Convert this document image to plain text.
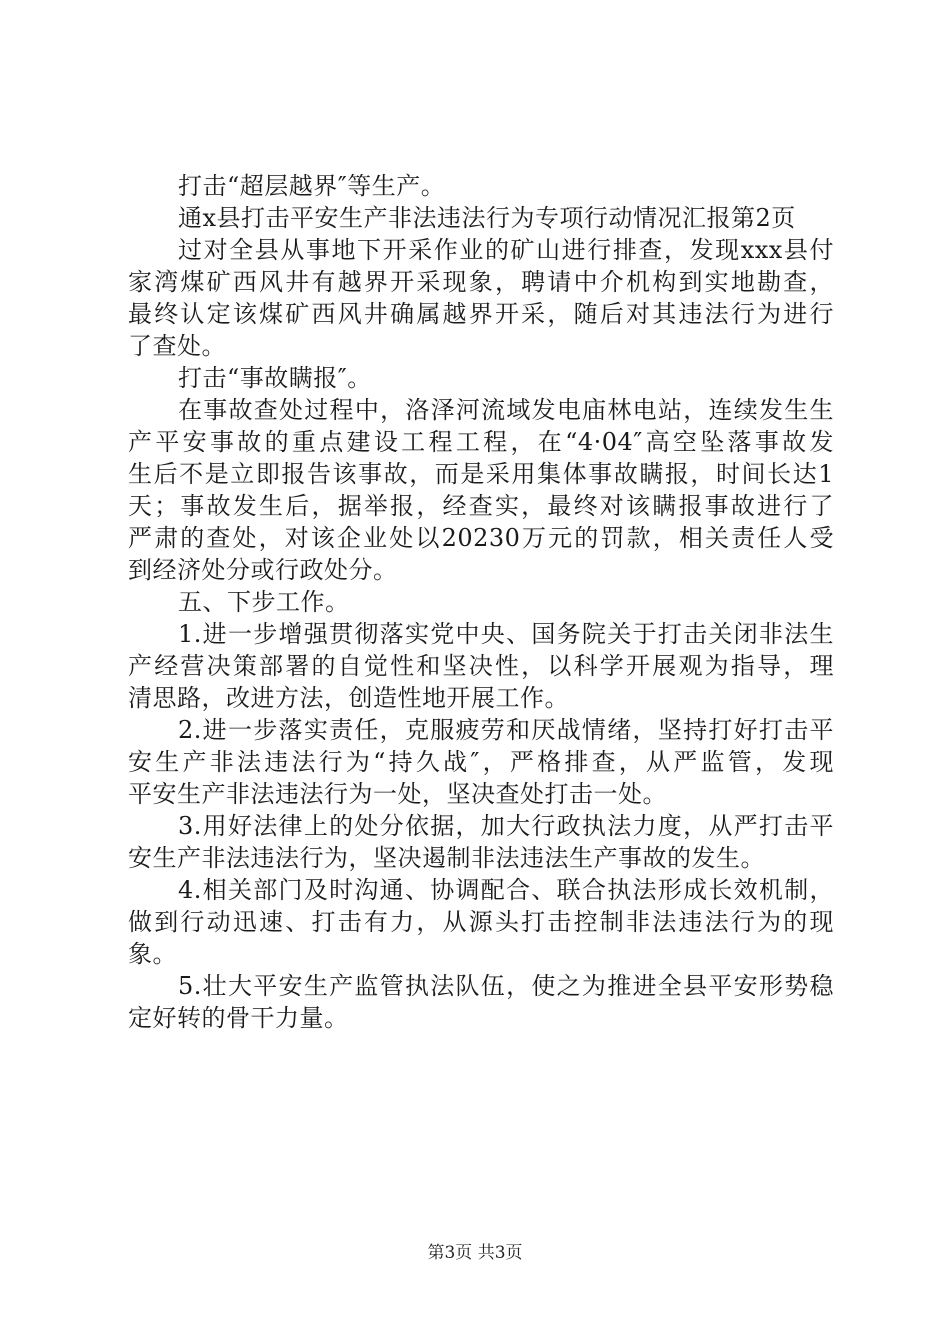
打击“超层越界″等生产。
通x县打击平安生产非法违法行为专项行动情况汇报第2页
过对全县从事地下开采作业的矿山进行排查，发现xxx县付
家湾煤矿西风井有越界开采现象，聘请中介机构到实地勘查，
最终认定该煤矿西风井确属越界开采，随后对其违法行为进行
了查处。
打击“事故瞒报″。
在事故查处过程中，洛泽河流域发电庙林电站，连续发生生
产平安事故的重点建设工程工程，在“4·04″高空坠落事故发
生后不是立即报告该事故，而是采用集体事故瞒报，时间长达1
天；事故发生后，据举报，经查实，最终对该瞒报事故进行了
严肃的查处，对该企业处以20230万元的罚款，相关责任人受
到经济处分或行政处分。
五、下步工作。
1.进一步增强贯彻落实党中央、国务院关于打击关闭非法生
产经营决策部署的自觉性和坚决性，以科学开展观为指导，理
清思路，改进方法，创造性地开展工作。
2.进一步落实责任，克服疲劳和厌战情绪，坚持打好打击平
安生产非法违法行为“持久战″，严格排查，从严监管，发现
平安生产非法违法行为一处，坚决查处打击一处。
3.用好法律上的处分依据，加大行政执法力度，从严打击平
安生产非法违法行为，坚决遏制非法违法生产事故的发生。
4.相关部门及时沟通、协调配合、联合执法形成长效机制，
做到行动迅速、打击有力，从源头打击控制非法违法行为的现
象。
5.壮大平安生产监管执法队伍，使之为推进全县平安形势稳
定好转的骨干力量。
第3页 共3页
